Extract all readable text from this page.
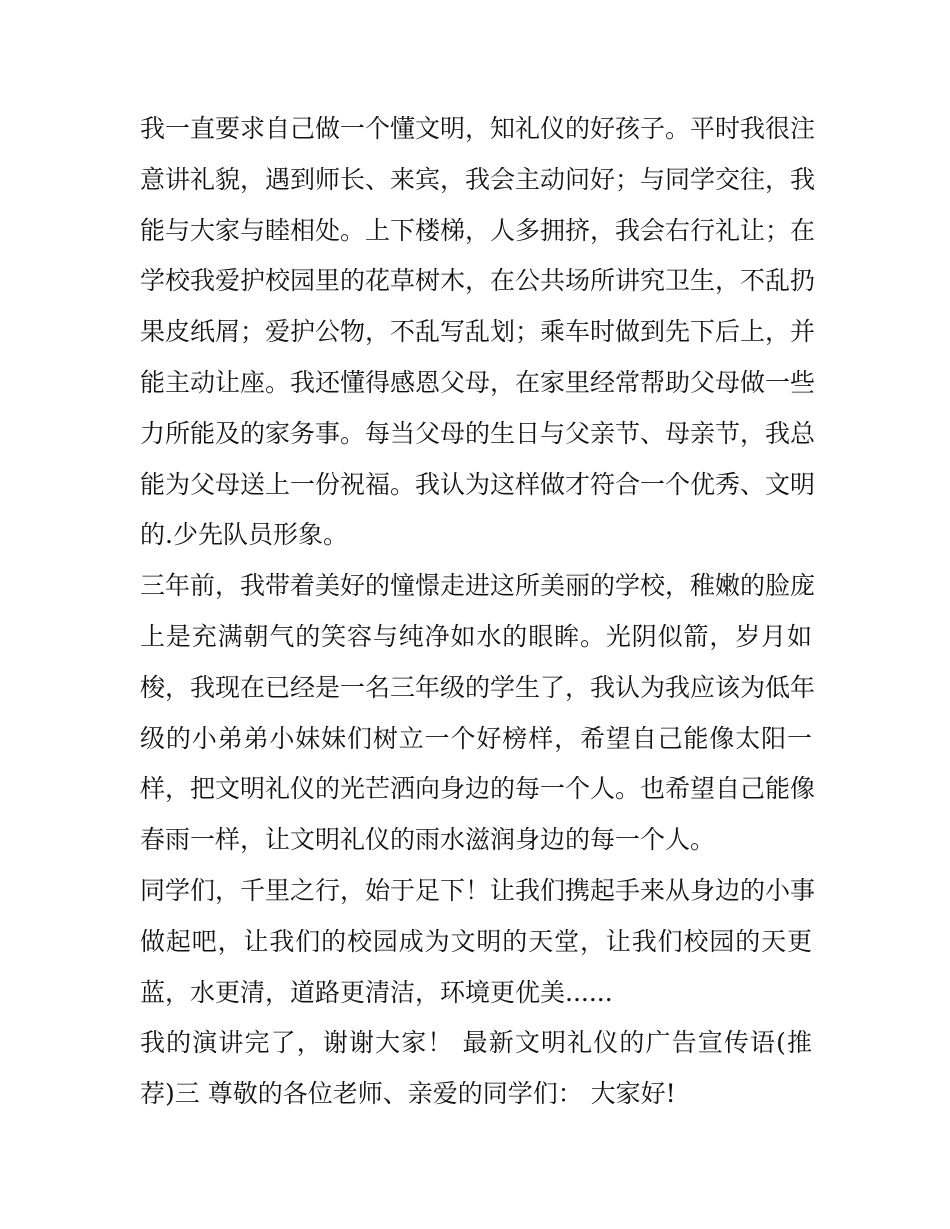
我一直要求自己做一个懂文明，知礼仪的好孩子。平时我很注
意讲礼貌，遇到师长、来宾，我会主动问好；与同学交往，我
能与大家与睦相处。上下楼梯，人多拥挤，我会右行礼让；在
学校我爱护校园里的花草树木，在公共场所讲究卫生，不乱扔
果皮纸屑；爱护公物，不乱写乱划；乘车时做到先下后上，并
能主动让座。我还懂得感恩父母，在家里经常帮助父母做一些
力所能及的家务事。每当父母的生日与父亲节、母亲节，我总
能为父母送上一份祝福。我认为这样做才符合一个优秀、文明
的.少先队员形象。
三年前，我带着美好的憧憬走进这所美丽的学校，稚嫩的脸庞
上是充满朝气的笑容与纯净如水的眼眸。光阴似箭，岁月如
梭，我现在已经是一名三年级的学生了，我认为我应该为低年
级的小弟弟小妹妹们树立一个好榜样，希望自己能像太阳一
样，把文明礼仪的光芒洒向身边的每一个人。也希望自己能像
春雨一样，让文明礼仪的雨水滋润身边的每一个人。
同学们，千里之行，始于足下！让我们携起手来从身边的小事
做起吧，让我们的校园成为文明的天堂，让我们校园的天更
蓝，水更清，道路更清洁，环境更优美......
我的演讲完了，谢谢大家！ 最新文明礼仪的广告宣传语(推
荐)三 尊敬的各位老师、亲爱的同学们： 大家好!
